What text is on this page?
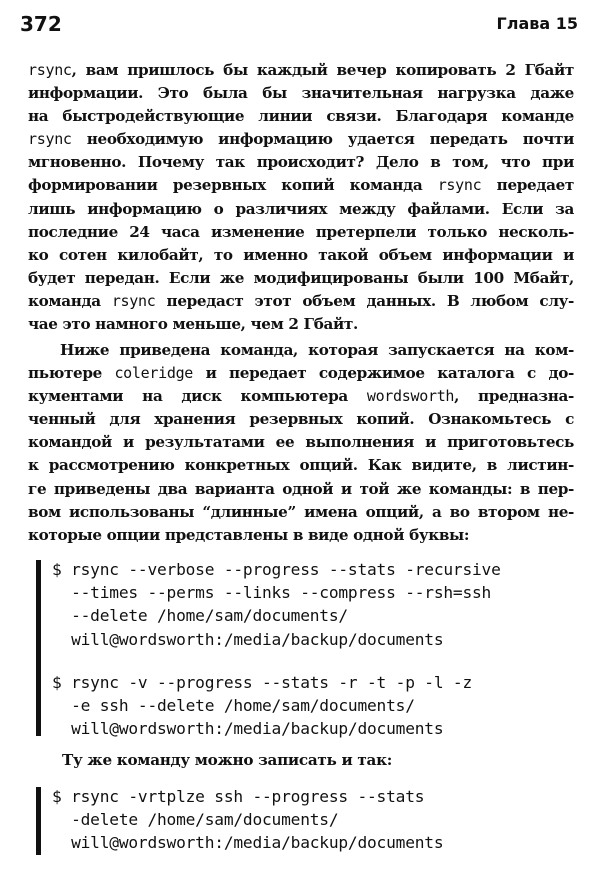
372	Глава 15
rsync, вам пришлось бы каждый вечер копировать 2 Гбайт
информации. Это была бы значительная нагрузка даже
на быстродействующие линии связи. Благодаря команде
rsync необходимую информацию удается передать почти
мгновенно. Почему так происходит? Дело в том, что при
формировании резервных копий команда rsync передает
лишь информацию о различиях между файлами. Если за
последние 24 часа изменение претерпели только несколь-
ко сотен килобайт, то именно такой объем информации и
будет передан. Если же модифицированы были 100 Мбайт,
команда rsync передаст этот объем данных. В любом слу-
чае это намного меньше, чем 2 Гбайт.
Ниже приведена команда, которая запускается на ком-
пьютере coleridge и передает содержимое каталога с до-
кументами на диск компьютера wordsworth, предназна-
ченный для хранения резервных копий. Ознакомьтесь с
командой и результатами ее выполнения и приготовьтесь
к рассмотрению конкретных опций. Как видите, в листин-
ге приведены два варианта одной и той же команды: в пер-
вом использованы “длинные” имена опций, а во втором не-
которые опции представлены в виде одной буквы:
$ rsync --verbose --progress --stats -recursive
--times --perms --links --compress --rsh=ssh
--delete /home/sam/documents/
will@wordsworth:/media/backup/documents
$ rsync -v --progress --stats -r -t -p -l -z
-e ssh --delete /home/sam/documents/
will@wordsworth:/media/backup/documents
Ту же команду можно записать и так:
$ rsync -vrtplze ssh --progress --stats
-delete /home/sam/documents/
will@wordsworth:/media/backup/documents
